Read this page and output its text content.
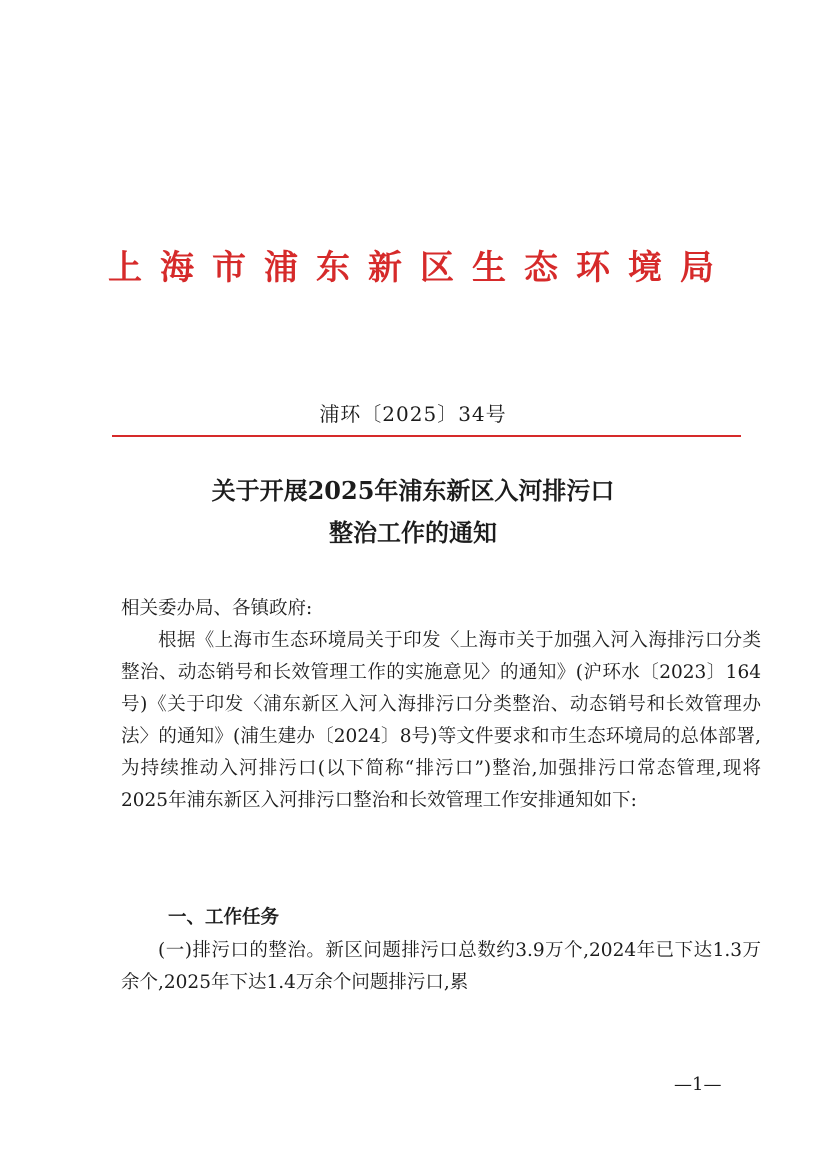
上海市浦东新区生态环境局
浦环〔2025〕34号
关于开展2025年浦东新区入河排污口
整治工作的通知
相关委办局、各镇政府:
根据《上海市生态环境局关于印发〈上海市关于加强入河入海排污口分类整治、动态销号和长效管理工作的实施意见〉的通知》(沪环水〔2023〕164号)《关于印发〈浦东新区入河入海排污口分类整治、动态销号和长效管理办法〉的通知》(浦生建办〔2024〕8号)等文件要求和市生态环境局的总体部署,为持续推动入河排污口(以下简称“排污口”)整治,加强排污口常态管理,现将2025年浦东新区入河排污口整治和长效管理工作安排通知如下:
一、工作任务
(一)排污口的整治。新区问题排污口总数约3.9万个,2024年已下达1.3万余个,2025年下达1.4万余个问题排污口,累
—1—
